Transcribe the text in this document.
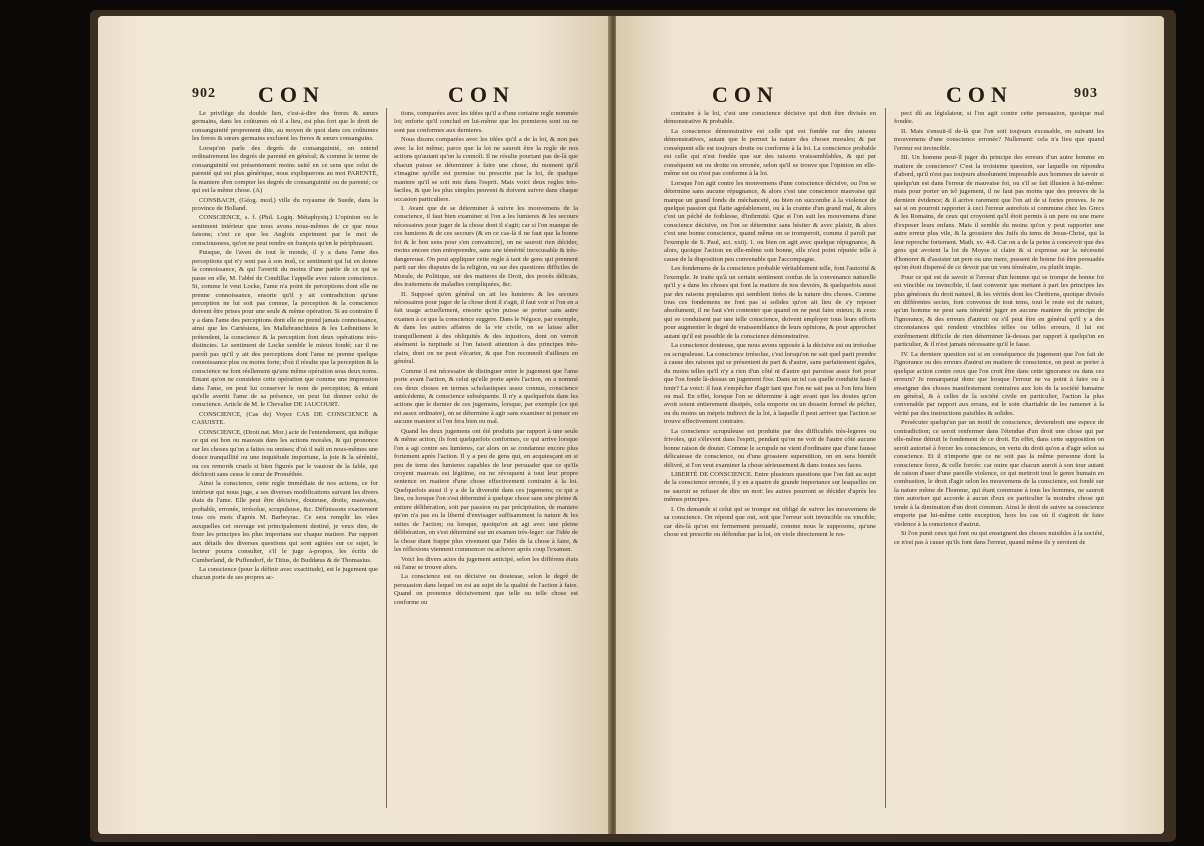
902 CON	CON

Le privilége du double lien, c'est-à-dire des freres & sœurs germains, dans les coûtumes où il a lieu, est plus fort que le droit de consanguinité proprement dite, au moyen de quoi dans ces coûtumes les freres & sœurs germains excluent les freres & sœurs consanguins.

Lorsqu'on parle des degrés de consanguinité, on entend ordinairement les degrés de parenté en général; & comme le terme de consanguinité est présentement moins usité en ce sens que celui de parenté qui est plus générique, nous expliquerons au mot PARENTÉ, la maniere d'en compter les degrés de consanguinité ou de parenté; ce qui est la même chose. (A)

CONSBACH, (Géog. mod.) ville du royaume de Suede, dans la province de Holland.

CONSCIENCE, s. f. (Phil. Logiq. Métaphysiq.) L'opinion ou le sentiment intérieur que nous avons nous-mêmes de ce que nous faisons; c'est ce que les Anglois expriment par le mot de consciousness, qu'on ne peut rendre en françois qu'en le périphrasant.

Puisque, de l'aveu de tout le monde, il y a dans l'ame des perceptions qui n'y sont pas à son insû, ce sentiment qui lui en donne la connoissance, & qui l'avertit du moins d'une partie de ce qui se passe en elle, M. l'abbé de Condillac l'appelle avec raison conscience. Si, comme le veut Locke, l'ame n'a point de perceptions dont elle ne prenne connoissance, ensorte qu'il y ait contradiction qu'une perception ne lui soit pas connue, la perception & la conscience doivent être prises pour une seule & même opération. Si au contraire il y a dans l'ame des perceptions dont elle ne prend jamais connoissance, ainsi que les Cartésiens, les Mallebranchistes & les Leibnitiens le prétendent, la conscience & la perception font deux opérations très-distinctes. Le sentiment de Locke semble le mieux fondé; car il ne paroît pas qu'il y ait des perceptions dont l'ame ne prenne quelque connoissance plus ou moins forte; d'où il résulte que la perception & la conscience ne font réellement qu'une même opération sous deux noms. Entant qu'on ne considere cette opération que comme une impression dans l'ame, on peut lui conserver le nom de perception; & entant qu'elle avertit l'ame de sa présence, on peut lui donner celui de conscience. Article de M. le Chevalier DE JAUCOURT.

CONSCIENCE, (Cas de) Voyez CAS DE CONSCIENCE & CASUISTE.

CONSCIENCE, (Droit nat. Mor.) acte de l'entendement, qui indique ce qui est bon ou mauvais dans les actions morales, & qui prononce sur les choses qu'on a faites ou omises; d'où il naît en nous-mêmes une douce tranquillité ou une inquiétude importune, la joie & la sérénité, ou ces remords cruels si bien figurés par le vautour de la fable, qui déchiroit sans cesse le cœur de Prométhée.

Ainsi la conscience, cette regle immédiate de nos actions, ce for intérieur qui nous juge, a ses diverses modifications suivant les divers états de l'ame. Elle peut être décisive, douteuse, droite, mauvaise, probable, erronée, irrésolue, scrupuleuse, &c. Définissons exactement tous ces mots d'après M. Barbeyrac. Ce sera remplir les vûes auxquelles cet ouvrage est principalement destiné, je veux dire, de fixer les principes les plus importans sur chaque matiere. Par rapport aux détails des diverses questions qui sont agitées sur ce sujet, le lecteur pourra consulter, s'il le juge à-propos, les écrits de Cumberland, de Puffendorf, de Titius, de Buddæus & de Thomasius.

La conscience (pour la définir avec exactitude), est le jugement que chacun porte de ses propres ac-

tions, comparées avec les idées qu'il a d'une certaine regle nommée loi; enforte qu'il conclud en lui-même que les premieres sont ou ne sont pas conformes aux dernieres.

Nous disons comparées avec les idées qu'il a de la loi, & non pas avec la loi même; parce que la loi ne sauroit être la regle de nos actions qu'autant qu'on la connoît. Il ne résulte pourtant pas de-là que chacun puisse se déterminer à faire une chose, du moment qu'il s'imagine qu'elle est permise ou prescrite par la loi, de quelque maniere qu'il se soit mis dans l'esprit. Mais voici deux regles très-faciles, & que les plus simples peuvent & doivent suivre dans chaque occasion particuliere.

I. Avant que de se déterminer à suivre les mouvemens de la conscience, il faut bien examiner si l'on a les lumieres & les secours nécessaires pour juger de la chose dont il s'agit; car si l'on manque de ces lumieres & de ces secours (& en ce cas-là il ne faut que la bonne foi & le bon sens pour s'en convaincre), on ne sauroit rien décider, moins encore rien entreprendre, sans une témérité inexcusable & très-dangereuse. On peut appliquer cette regle à tant de gens qui prennent parti sur des disputes de la religion, ou sur des questions difficiles de Morale, de Politique, sur des matieres de Droit, des procès délicats, des traitemens de maladies compliquées, &c.

II. Supposé qu'en général on ait les lumieres & les secours nécessaires pour juger de la chose dont il s'agit, il faut voir si l'on en a fait usage actuellement, ensorte qu'on puisse se porter sans autre examen à ce que la conscience suggere. Dans le Négoce, par exemple, & dans les autres affaires de la vie civile, on se laisse aller tranquillement à des obliquités & des injustices, dont on verroit aisément la turpitude si l'on faisoit attention à des principes très-clairs, dont on ne peut s'écarter, & que l'on reconnoît d'ailleurs en général.

Comme il est nécessaire de distinguer entre le jugement que l'ame porte avant l'action, & celui qu'elle porte après l'action, on a nommé ces deux choses en termes scholastiques assez connus, conscience antécédente, & conscience subséquente. Il n'y a quelquefois dans les actions que le dernier de ces jugemens, lorsque, par exemple (ce qui est assez ordinaire), on se détermine à agir sans examiner ni penser en aucune maniere si l'on fera bien ou mal.

Quand les deux jugemens ont été produits par rapport à une seule & même action, ils font quelquefois conformes, ce qui arrive lorsque l'on a agi contre ses lumieres, car alors on se condamne encore plus fortement après l'action. Il y a peu de gens qui, en acquiesçant en si peu de tems des lumieres capables de leur persuader que ce qu'ils croyent mauvais est légitime, ou ne révoquent à tout leur propre sentence en matiere d'une chose effectivement contraire à la loi. Quelquefois aussi il y a de la diversité dans ces jugemens; ce qui a lieu, ou lorsque l'on s'est déterminé à quelque chose sans une pleine & entiere délibération, soit par passion ou par précipitation, de maniere qu'on n'a pas eu la liberté d'envisager suffisamment la nature & les suites de l'action; ou lorsque, quoiqu'on ait agi avec une pleine délibération, on s'est déterminé sur un examen très-leger: car l'idée de la chose étant frappe plus vivement que l'idée de la chose à faire, & les réflexions viennent commencer ou achever après coup l'examen.

Voici les divers actes du jugement anticipé, selon les différens états où l'ame se trouve alors.

La conscience est ou décisive ou douteuse, selon le degré de persuasion dans lequel on est au sujet de la qualité de l'action à faire. Quand on prononce décisivement que telle ou telle chose est conforme ou

CON	CON	903

contraire à la loi, c'est une conscience décisive qui doit être divisée en démonstrative & probable.

La conscience démonstrative est celle qui est fondée sur des raisons démonstratives, autant que le permet la nature des choses morales; & par conséquent elle est toujours droite ou conforme à la loi. La conscience probable est celle qui n'est fondée que sur des raisons vraissemblables, & qui par conséquent est ou droite ou erronée, selon qu'il se trouve que l'opinion en elle-même est ou n'est pas conforme à la loi.

Lorsque l'on agit contre les mouvemens d'une conscience décisive, ou l'on se détermine sans aucune répugnance, & alors c'est une conscience mauvaise qui marque un grand fonds de méchanceté, ou bien on succombe à la violence de quelque passion qui flatte agréablement, ou à la crainte d'un grand mal, & alors c'est un péché de foiblesse, d'infirmité. Que si l'on suit les mouvemens d'une conscience décisive, on l'on se détermine sans hésiter & avec plaisir, & alors c'est une bonne conscience, quand même on se tromperoit, comme il paroît par l'exemple de S. Paul, act. xxiij. 1. ou bien on agit avec quelque répugnance, & alors, quoique l'action en elle-même soit bonne, elle n'est point réputée telle à cause de la disposition peu convenable que l'accompagne.

Les fondemens de la conscience probable véritablement telle, font l'autorité & l'exemple. Je traite qu'à un certain sentiment confus de la convenance naturelle qu'il y a dans les choses qui font la matiere de nos devoirs, & quelquefois aussi par des raisons populaires qui semblent tirées de la nature des choses. Comme tous ces fondemens ne font pas si solides qu'on ait lieu de s'y reposer absolument, il ne faut s'en contenter que quand on ne peut faire mieux; & ceux qui se conduisent par une telle conscience, doivent employer tous leurs efforts pour augmenter le degré de vraissemblance de leurs opinions, & pour approcher autant qu'il est possible de la conscience démonstrative.

La conscience douteuse, que nous avons opposée à la décisive est ou irrésolue ou scrupuleuse. La conscience irrésolue, c'est lorsqu'on ne sait quel parti prendre à cause des raisons qui se présentent de part & d'autre, sans parfaitement égales, du moins telles qu'il n'y a rien d'un côté ni d'autre qui paroisse assez fort pour que l'on fonde là-dessus un jugement fixe. Dans un tel cas quelle conduite faut-il tenir? La voici: il faut s'empêcher d'agir tant que l'on ne sait pas si l'on fera bien ou mal. En effet, lorsque l'on se détermine à agir avant que les doutes qu'on avoit soient entierement dissipés, cela emporte ou un dessein formel de pécher, ou du moins un mépris indirect de la loi, à laquelle il peut arriver que l'action se trouve effectivement contraire.

La conscience scrupuleuse est produite par des difficultés très-legeres ou frivoles, qui s'élevent dans l'esprit, pendant qu'on ne voit de l'autre côté aucune bonne raison de douter. Comme le scrupule ne vient d'ordinaire que d'une fausse délicatesse de conscience, ou d'une grossiere superstition, on en sera bientôt délivré, si l'on veut examiner la chose sérieusement & dans toutes ses faces.

LIBERTÉ DE CONSCIENCE. Entre plusieurs questions que l'on fait au sujet de la conscience erronée, il y en a quatre de grande importance sur lesquelles on ne sauroit se refuser de dire un mot: les autres pourront se décider d'après les mêmes principes.

I. On demande si celui qui se trompe est obligé de suivre les mouvemens de sa conscience. On répond que oui, soit que l'erreur soit invincible ou vincible; car dès-là qu'on est fermement persuadé, comme nous le supposons, qu'une chose est prescrite ou défendue par la loi, on viole directement le res-

pect dû au législateur, si l'on agit contre cette persuasion, quoique mal fondée.

II. Mais s'ensuit-il de-là que l'on soit toujours excusable, en suivant les mouvemens d'une conscience erronée? Nullement: cela n'a lieu que quand l'erreur est invincible.

III. Un homme peut-il juger du principe des erreurs d'un autre homme en matiere de conscience? C'est la troisieme question, sur laquelle on répondra d'abord, qu'il n'est pas toujours absolument impossible aux hommes de savoir si quelqu'un est dans l'erreur de mauvaise foi, ou s'il se fait illusion à lui-même: mais pour porter un tel jugement, il ne faut pas moins que des preuves de la derniere évidence; & il arrive rarement que l'on ait de si fortes preuves. Je ne sai si on pourroit rapporter à ceci l'erreur autrefois si commune chez les Grecs & les Romains, de ceux qui croyoient qu'il étoit permis à un pere ou une mere d'exposer leurs enfans. Mais il semble du moins qu'on y peut rapporter une autre erreur plus vile, & la grossiere des Juifs du tems de Jesus-Christ, qui la leur reproche fortement. Math. xv. 4-8. Car on a de la peine à concevoir que des gens qui avoient la loi de Moyse si claire & si expresse sur la nécessité d'honorer & d'assister un pere ou une mere, pussent de bonne foi être persuadés qu'on étoit dispensé de ce devoir par un vœu téméraire, ou plutôt impie.

Pour ce qui est de savoir si l'erreur d'un homme qui se trompe de bonne foi est vincible ou invincible, il faut convenir que mettant à part les principes les plus généraux du droit naturel, & les vérités dont les Chrétiens, quoique divisés en différentes sectes, font convenus de tout tems, tout le reste est de nature, qu'un homme ne peut sans témérité juger en aucune maniere du principe de l'ignorance, & des erreurs d'autrui: ou s'il peut être en général qu'il y a des circonstances qui rendent vincibles telles ou telles erreurs, il lui est extrêmement difficile de rien déterminer là-dessus par rapport à quelqu'un en particulier, & il n'est jamais nécessaire qu'il le fasse.

IV. La derniere question est si en conséquence du jugement que l'on fait de l'ignorance ou des erreurs d'autrui en matiere de conscience, on peut se porter à quelque action contre ceux que l'on croit être dans cette ignorance ou dans ces erreurs? Je remarquerai donc que lorsque l'erreur ne va point à faire ou à enseigner des choses manifestement contraires aux lois de la société humaine en général, & à celles de la société civile en particulier, l'action la plus convenable par rapport aux errans, est le soin charitable de les ramener à la vérité par des instructions paisibles & solides.

Persécuter quelqu'un par un motif de conscience, deviendroit une espece de contradiction; ce seroit renfermer dans l'étendue d'un droit une chose qui par elle-même détruit le fondement de ce droit. En effet, dans cette supposition on seroit autorisé à forcer les consciences, en vertu du droit qu'on a d'agir selon sa conscience. Et il n'importe que ce ne soit pas la même personne dont la conscience force, & celle forcée: car outre que chacun auroit à son tour autant de raison d'user d'une pareille violence, ce qui mettroit tout le genre humain en combustion, le droit d'agir selon les mouvemens de la conscience, est fondé sur la nature même de l'homme, qui étant commune à tous les hommes, ne sauroit rien autoriser qui accorde à aucun d'eux en particulier la moindre chose qui tende à la diminution d'un droit commun. Ainsi le droit de suivre sa conscience emporte par lui-même cette exception, hors les cas où il s'agiroit de faire violence à la conscience d'autrui.

Si l'on punit ceux qui font ou qui enseignent des choses nuisibles à la société, ce n'est pas à cause qu'ils font dans l'erreur, quand même ils y seroient de
